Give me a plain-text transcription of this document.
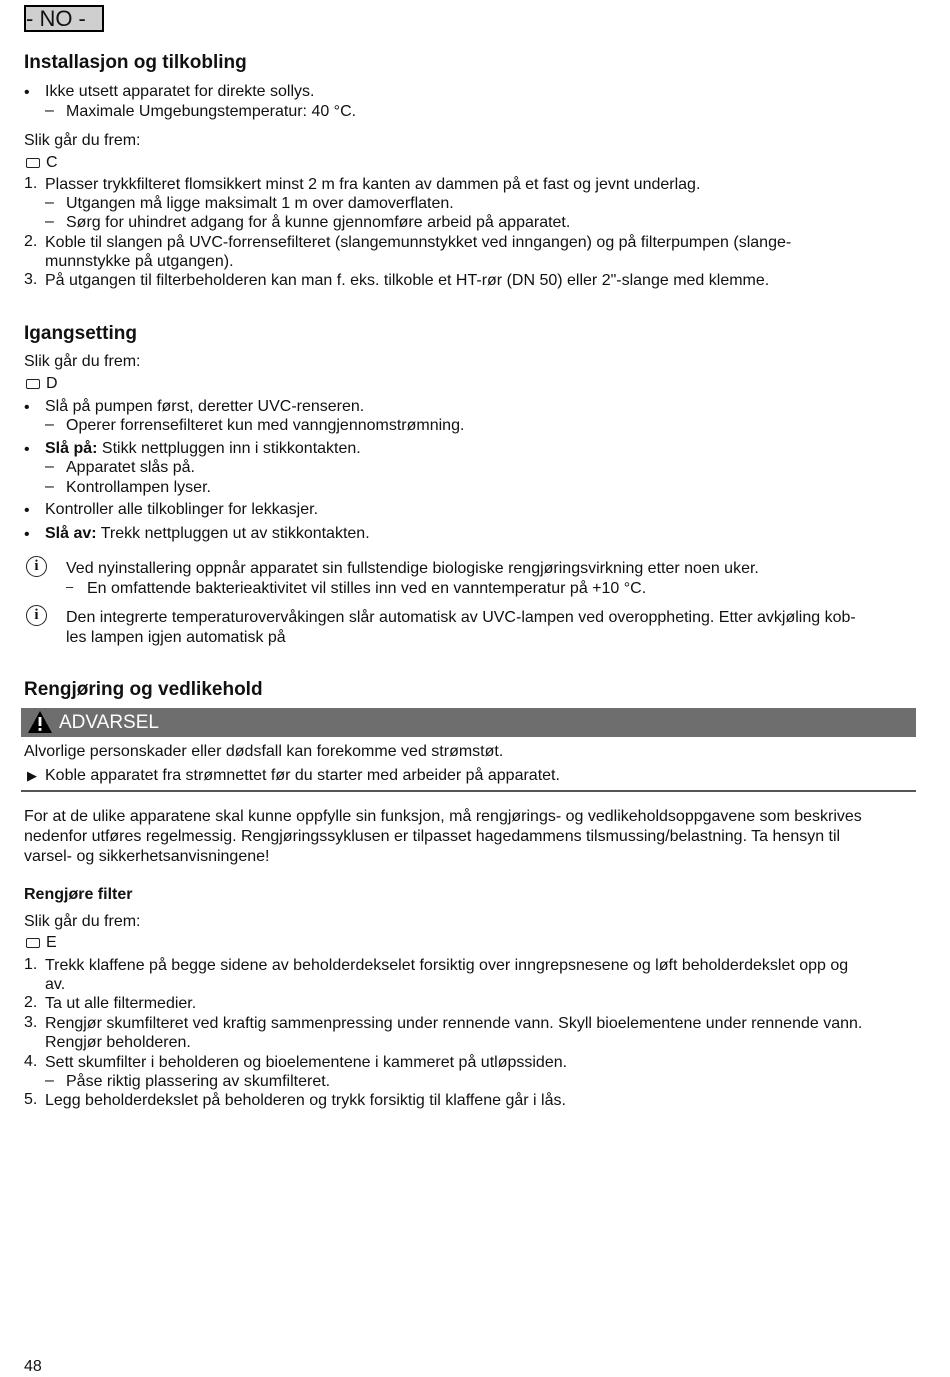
- NO -
Installasjon og tilkobling
• Ikke utsett apparatet for direkte sollys.
– Maximale Umgebungstemperatur: 40 °C.
Slik går du frem:
C
1. Plasser trykkfilteret flomsikkert minst 2 m fra kanten av dammen på et fast og jevnt underlag.
– Utgangen må ligge maksimalt 1 m over damoverflaten.
– Sørg for uhindret adgang for å kunne gjennomføre arbeid på apparatet.
2. Koble til slangen på UVC-forrensefilteret (slangemunnstykket ved inngangen) og på filterpumpen (slange-
munnstykke på utgangen).
3. På utgangen til filterbeholderen kan man f. eks. tilkoble et HT-rør (DN 50) eller 2"-slange med klemme.
Igangsetting
Slik går du frem:
D
• Slå på pumpen først, deretter UVC-renseren.
– Operer forrensefilteret kun med vanngjennomstrømning.
• Slå på: Stikk nettpluggen inn i stikkontakten.
– Apparatet slås på.
– Kontrollampen lyser.
• Kontroller alle tilkoblinger for lekkasjer.
• Slå av: Trekk nettpluggen ut av stikkontakten.
i	Ved nyinstallering oppnår apparatet sin fullstendige biologiske rengjøringsvirkning etter noen uker.
– En omfattende bakterieaktivitet vil stilles inn ved en vanntemperatur på +10 °C.
i	Den integrerte temperaturovervåkingen slår automatisk av UVC-lampen ved overoppheting. Etter avkjøling kob-
les lampen igjen automatisk på
Rengjøring og vedlikehold
ADVARSEL
Alvorlige personskader eller dødsfall kan forekomme ved strømstøt.
▶ Koble apparatet fra strømnettet før du starter med arbeider på apparatet.
For at de ulike apparatene skal kunne oppfylle sin funksjon, må rengjørings- og vedlikeholdsoppgavene som beskrives
nedenfor utføres regelmessig. Rengjøringssyklusen er tilpasset hagedammens tilsmussing/belastning. Ta hensyn til
varsel- og sikkerhetsanvisningene!
Rengjøre filter
Slik går du frem:
E
1. Trekk klaffene på begge sidene av beholderdekselet forsiktig over inngrepsnesene og løft beholderdekslet opp og
av.
2. Ta ut alle filtermedier.
3. Rengjør skumfilteret ved kraftig sammenpressing under rennende vann. Skyll bioelementene under rennende vann.
Rengjør beholderen.
4. Sett skumfilter i beholderen og bioelementene i kammeret på utløpssiden.
– Påse riktig plassering av skumfilteret.
5. Legg beholderdekslet på beholderen og trykk forsiktig til klaffene går i lås.
48
